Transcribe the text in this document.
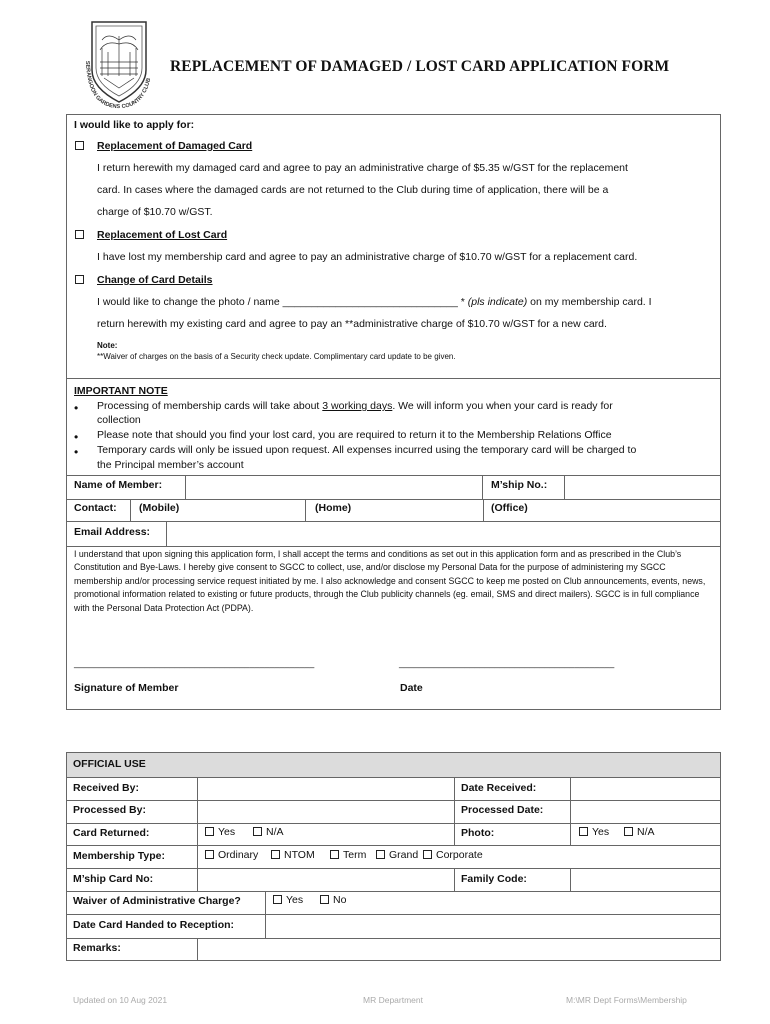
SERANGOON GARDENS COUNTRY CLUB
REPLACEMENT OF DAMAGED / LOST CARD APPLICATION FORM
I would like to apply for:
Replacement of Damaged Card
I return herewith my damaged card and agree to pay an administrative charge of $5.35 w/GST for the replacement
card. In cases where the damaged cards are not returned to the Club during time of application, there will be a
charge of $10.70 w/GST.
Replacement of Lost Card
I have lost my membership card and agree to pay an administrative charge of $10.70 w/GST for a replacement card.
Change of Card Details
I would like to change the photo / name ______________________________ * (pls indicate) on my membership card. I
return herewith my existing card and agree to pay an **administrative charge of $10.70 w/GST for a new card.
Note:
**Waiver of charges on the basis of a Security check update. Complimentary card update to be given.
IMPORTANT NOTE
• Processing of membership cards will take about 3 working days. We will inform you when your card is ready for
collection
• Please note that should you find your lost card, you are required to return it to the Membership Relations Office
• Temporary cards will only be issued upon request. All expenses incurred using the temporary card will be charged to
the Principal member’s account
Name of Member:	M’ship No.:
Contact: (Mobile)	(Home)	(Office)
Email Address:
I understand that upon signing this application form, I shall accept the terms and conditions as set out in this application form and as prescribed in the Club’s Constitution and Bye-Laws. I hereby give consent to SGCC to collect, use, and/or disclose my Personal Data for the purpose of administering my SGCC membership and/or processing service request initiated by me. I also acknowledge and consent SGCC to keep me posted on Club announcements, events, news, promotional information related to existing or future products, through the Club publicity channels (eg. email, SMS and direct mailers). SGCC is in full compliance with the Personal Data Protection Act (PDPA).
________________________________________________	___________________________________________
Signature of Member	Date
OFFICIAL USE
Received By:	Date Received:
Processed By:	Processed Date:
Card Returned:	Yes	N/A	Photo:	Yes	N/A
Membership Type:	Ordinary	NTOM	Term	Grand	Corporate
M’ship Card No:	Family Code:
Waiver of Administrative Charge?	Yes	No
Date Card Handed to Reception:
Remarks:
Updated on 10 Aug 2021	MR Department	M:\MR Dept Forms\Membership
